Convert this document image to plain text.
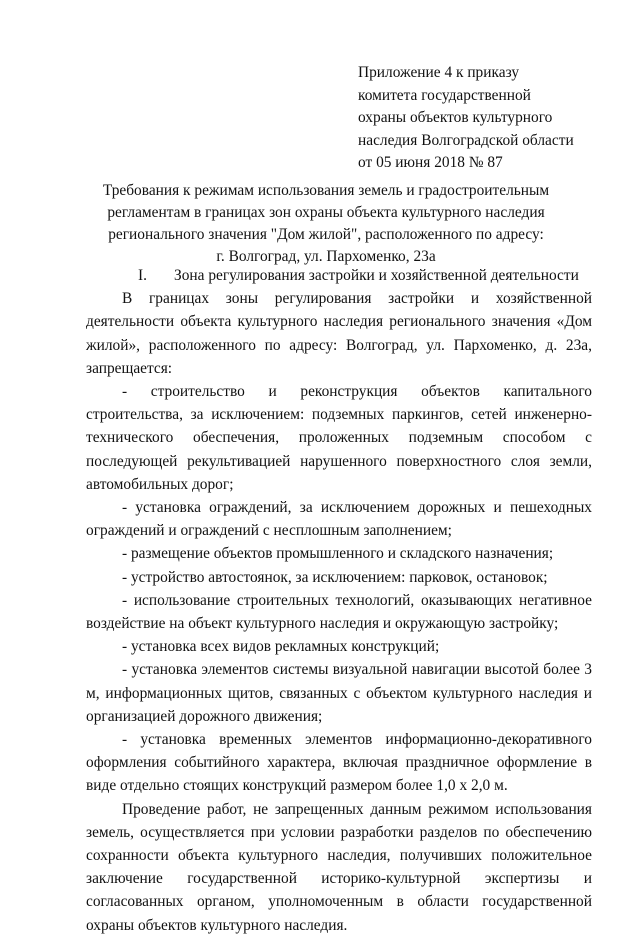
Приложение 4 к приказу
комитета государственной
охраны объектов культурного
наследия Волгоградской области
от 05 июня 2018 № 87
Требования к режимам использования земель и градостроительным
регламентам в границах зон охраны объекта культурного наследия
регионального значения "Дом жилой", расположенного по адресу:
г. Волгоград, ул. Пархоменко, 23а
I. Зона регулирования застройки и хозяйственной деятельности

В границах зоны регулирования застройки и хозяйственной деятельности объекта культурного наследия регионального значения «Дом жилой», расположенного по адресу: Волгоград, ул. Пархоменко, д. 23а, запрещается:

- строительство и реконструкция объектов капитального строительства, за исключением: подземных паркингов, сетей инженерно-технического обеспечения, проложенных подземным способом с последующей рекультивацией нарушенного поверхностного слоя земли, автомобильных дорог;

- установка ограждений, за исключением дорожных и пешеходных ограждений и ограждений с несплошным заполнением;

- размещение объектов промышленного и складского назначения;

- устройство автостоянок, за исключением: парковок, остановок;

- использование строительных технологий, оказывающих негативное воздействие на объект культурного наследия и окружающую застройку;

- установка всех видов рекламных конструкций;

- установка элементов системы визуальной навигации высотой более 3 м, информационных щитов, связанных с объектом культурного наследия и организацией дорожного движения;

- установка временных элементов информационно-декоративного оформления событийного характера, включая праздничное оформление в виде отдельно стоящих конструкций размером более 1,0 х 2,0 м.

Проведение работ, не запрещенных данным режимом использования земель, осуществляется при условии разработки разделов по обеспечению сохранности объекта культурного наследия, получивших положительное заключение государственной историко-культурной экспертизы и согласованных органом, уполномоченным в области государственной охраны объектов культурного наследия.
